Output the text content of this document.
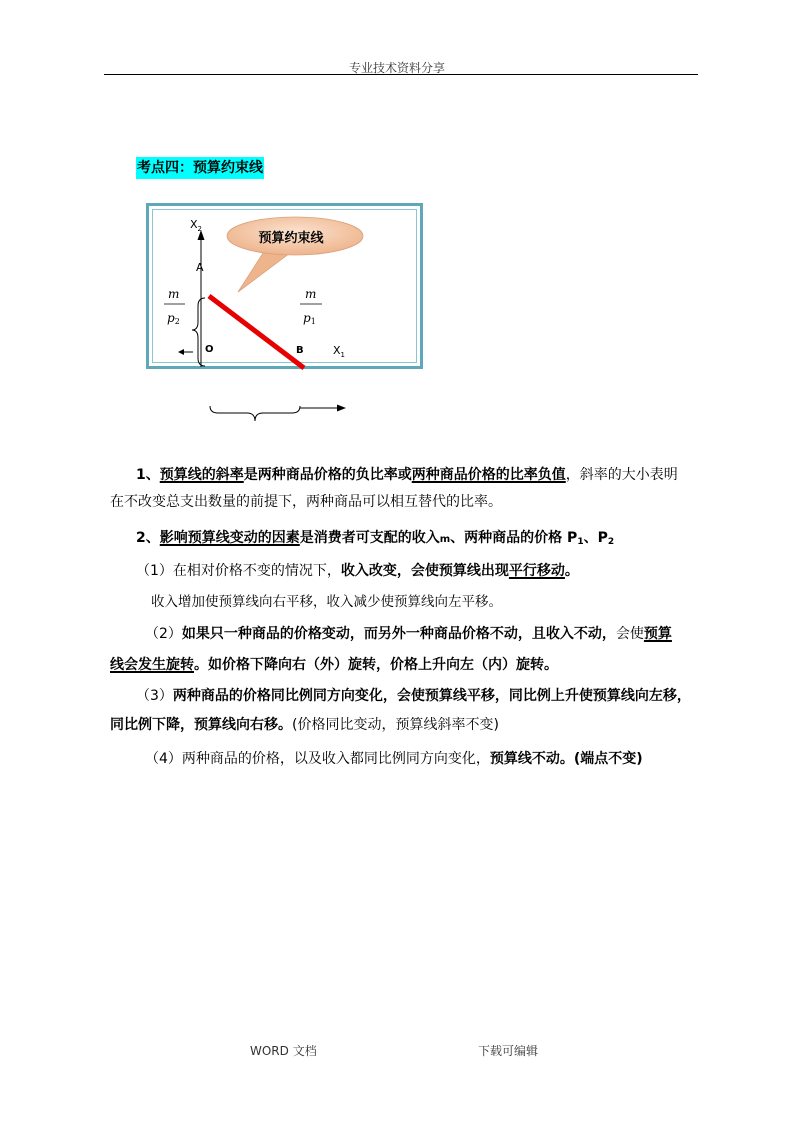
专业技术资料分享
考点四：预算约束线
预算约束线
$X_2$
A
O	B	$X_1$
m
p2
m
p1
1、预算线的斜率是两种商品价格的负比率或两种商品价格的比率负值，斜率的大小表明
在不改变总支出数量的前提下，两种商品可以相互替代的比率。
2、影响预算线变动的因素是消费者可支配的收入m、两种商品的价格 $P_1$、$P_2$
（1）在相对价格不变的情况下，收入改变，会使预算线出现平行移动。
收入增加使预算线向右平移，收入减少使预算线向左平移。
（2）如果只一种商品的价格变动，而另外一种商品价格不动，且收入不动，会使预算
线会发生旋转。如价格下降向右（外）旋转，价格上升向左（内）旋转。
（3）两种商品的价格同比例同方向变化，会使预算线平移，同比例上升使预算线向左移，
同比例下降，预算线向右移。(价格同比变动，预算线斜率不变)
（4）两种商品的价格，以及收入都同比例同方向变化，预算线不动。(端点不变)
WORD 文档	下载可编辑
